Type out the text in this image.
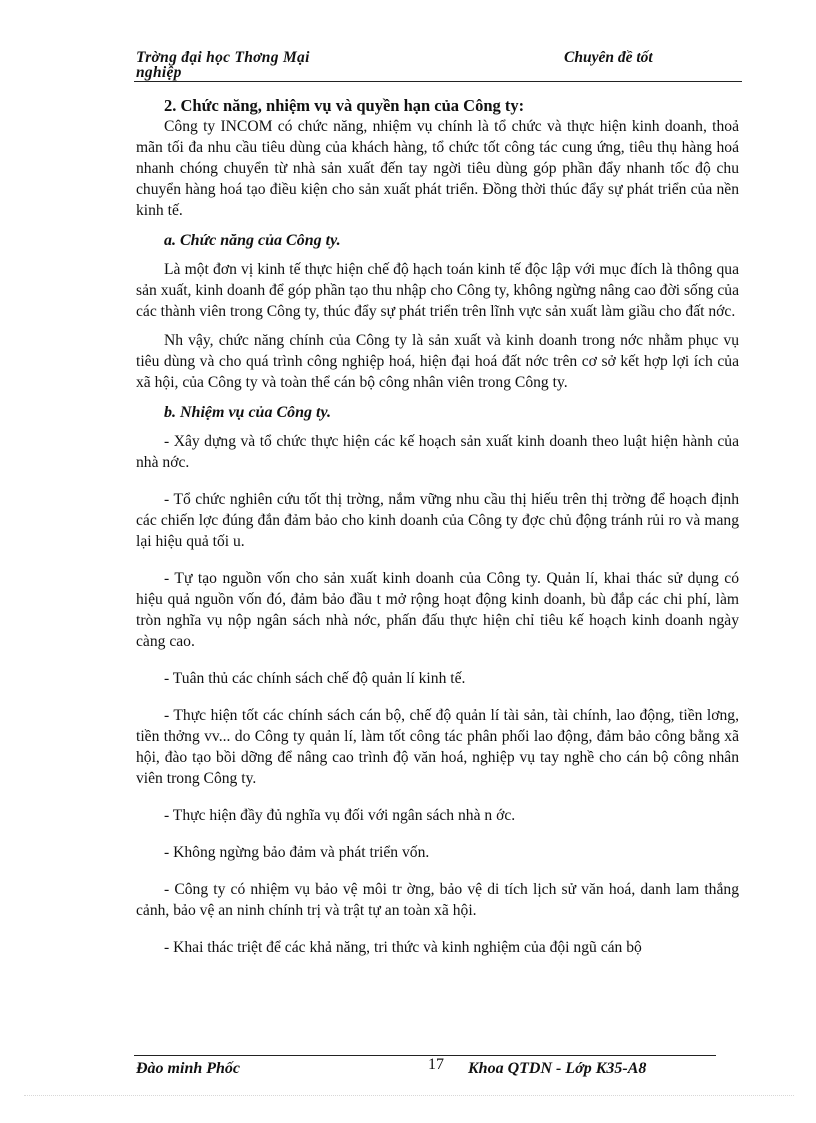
Trờng đại học Thơng Mại
nghiệp
Chuyên đề tốt

2. Chức năng, nhiệm vụ và quyền hạn của Công ty:

Công ty INCOM có chức năng, nhiệm vụ chính là tổ chức và thực hiện kinh doanh, thoả mãn tối đa nhu cầu tiêu dùng của khách hàng, tổ chức tốt công tác cung ứng, tiêu thụ hàng hoá nhanh chóng chuyển từ nhà sản xuất đến tay ngời tiêu dùng góp phần đẩy nhanh tốc độ chu chuyển hàng hoá tạo điều kiện cho sản xuất phát triển. Đồng thời thúc đẩy sự phát triển của nền kinh tế.

a. Chức năng của Công ty.

Là một đơn vị kinh tế thực hiện chế độ hạch toán kinh tế độc lập với mục đích là thông qua sản xuất, kinh doanh để góp phần tạo thu nhập cho Công ty, không ngừng nâng cao đời sống của các thành viên trong Công ty, thúc đẩy sự phát triển trên lĩnh vực sản xuất làm giầu cho đất nớc.

Nh vậy, chức năng chính của Công ty là sản xuất và kinh doanh trong nớc nhằm phục vụ tiêu dùng và cho quá trình công nghiệp hoá, hiện đại hoá đất nớc trên cơ sở kết hợp lợi ích của xã hội, của Công ty và toàn thể cán bộ công nhân viên trong Công ty.

b. Nhiệm vụ của Công ty.

- Xây dựng và tổ chức thực hiện các kế hoạch sản xuất kinh doanh theo luật hiện hành của nhà nớc.

- Tổ chức nghiên cứu tốt thị trờng, nắm vững nhu cầu thị hiếu trên thị trờng để hoạch định các chiến lợc đúng đắn đảm bảo cho kinh doanh của Công ty đợc chủ động tránh rủi ro và mang lại hiệu quả tối u.

- Tự tạo nguồn vốn cho sản xuất kinh doanh của Công ty. Quản lí, khai thác sử dụng có hiệu quả nguồn vốn đó, đảm bảo đầu t mở rộng hoạt động kinh doanh, bù đắp các chi phí, làm tròn nghĩa vụ nộp ngân sách nhà nớc, phấn đấu thực hiện chỉ tiêu kế hoạch kinh doanh ngày càng cao.

- Tuân thủ các chính sách chế độ quản lí kinh tế.

- Thực hiện tốt các chính sách cán bộ, chế độ quản lí tài sản, tài chính, lao động, tiền lơng, tiền thởng vv... do Công ty quản lí, làm tốt công tác phân phối lao động, đảm bảo công bằng xã hội, đào tạo bồi dỡng để nâng cao trình độ văn hoá, nghiệp vụ tay nghề cho cán bộ công nhân viên trong Công ty.

- Thực hiện đầy đủ nghĩa vụ đối với ngân sách nhà n ớc.

- Không ngừng bảo đảm và phát triển vốn.

- Công ty có nhiệm vụ bảo vệ môi tr ờng, bảo vệ di tích lịch sử văn hoá, danh lam thắng cảnh, bảo vệ an ninh chính trị và trật tự an toàn xã hội.

- Khai thác triệt để các khả năng, tri thức và kinh nghiệm của đội ngũ cán bộ

Đào minh Phốc	17 Khoa QTDN - Lớp K35-A8
